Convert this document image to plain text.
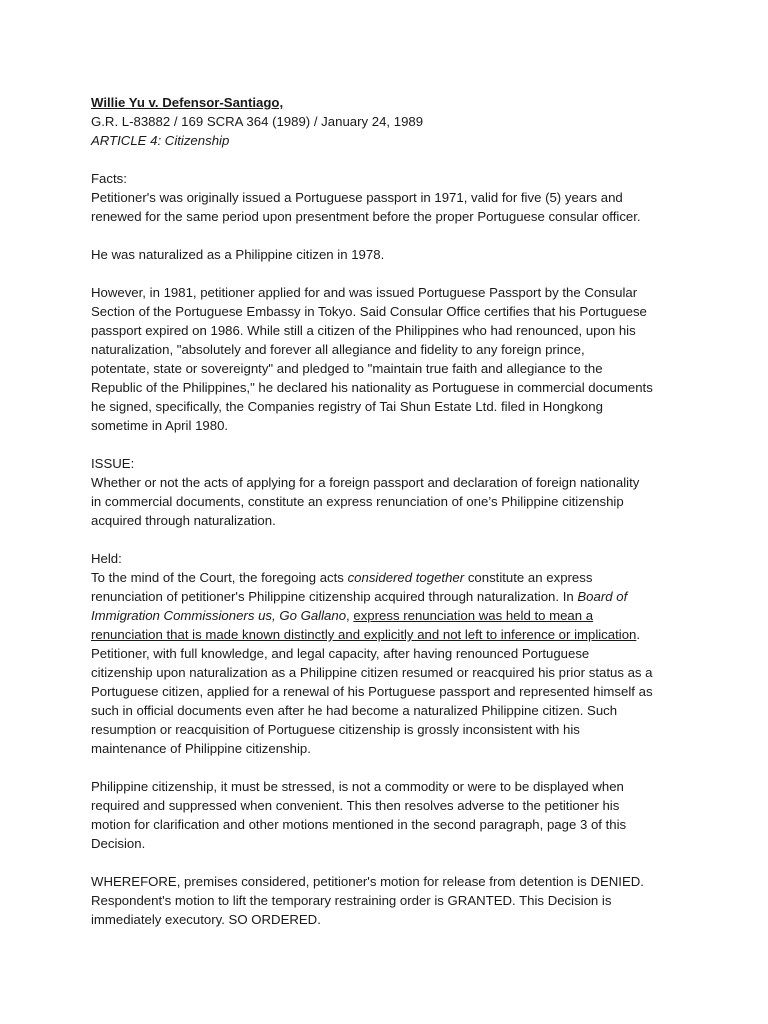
Willie Yu v. Defensor-Santiago,
G.R. L-83882 / 169 SCRA 364 (1989) / January 24, 1989
ARTICLE 4: Citizenship
Facts:
Petitioner's was originally issued a Portuguese passport in 1971, valid for five (5) years and
renewed for the same period upon presentment before the proper Portuguese consular officer.
He was naturalized as a Philippine citizen in 1978.
However, in 1981, petitioner applied for and was issued Portuguese Passport by the Consular
Section of the Portuguese Embassy in Tokyo. Said Consular Office certifies that his Portuguese
passport expired on 1986. While still a citizen of the Philippines who had renounced, upon his
naturalization, "absolutely and forever all allegiance and fidelity to any foreign prince,
potentate, state or sovereignty" and pledged to "maintain true faith and allegiance to the
Republic of the Philippines," he declared his nationality as Portuguese in commercial documents
he signed, specifically, the Companies registry of Tai Shun Estate Ltd. filed in Hongkong
sometime in April 1980.
ISSUE:
Whether or not the acts of applying for a foreign passport and declaration of foreign nationality
in commercial documents, constitute an express renunciation of one’s Philippine citizenship
acquired through naturalization.
Held:
To the mind of the Court, the foregoing acts considered together constitute an express
renunciation of petitioner's Philippine citizenship acquired through naturalization. In Board of
Immigration Commissioners us, Go Gallano, express renunciation was held to mean a
renunciation that is made known distinctly and explicitly and not left to inference or implication.
Petitioner, with full knowledge, and legal capacity, after having renounced Portuguese
citizenship upon naturalization as a Philippine citizen resumed or reacquired his prior status as a
Portuguese citizen, applied for a renewal of his Portuguese passport and represented himself as
such in official documents even after he had become a naturalized Philippine citizen. Such
resumption or reacquisition of Portuguese citizenship is grossly inconsistent with his
maintenance of Philippine citizenship.
Philippine citizenship, it must be stressed, is not a commodity or were to be displayed when
required and suppressed when convenient. This then resolves adverse to the petitioner his
motion for clarification and other motions mentioned in the second paragraph, page 3 of this
Decision.
WHEREFORE, premises considered, petitioner's motion for release from detention is DENIED.
Respondent's motion to lift the temporary restraining order is GRANTED. This Decision is
immediately executory. SO ORDERED.
